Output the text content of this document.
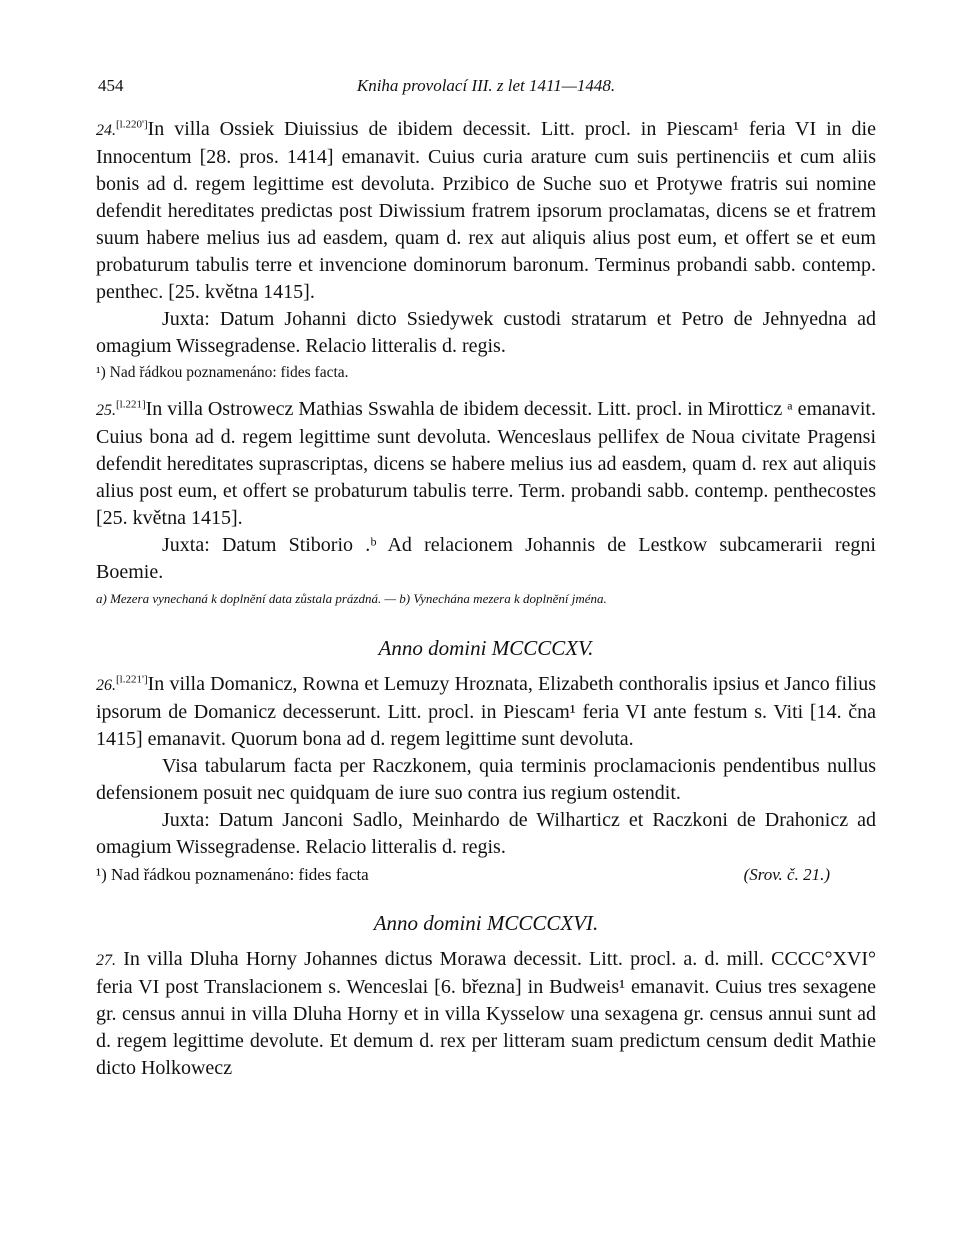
454	Kniha provolací III. z let 1411—1448.

24.[l.220']In villa Ossiek Diuissius de ibidem decessit. Litt. procl. in Piescam¹ feria VI in die Innocentum [28. pros. 1414] emanavit. Cuius curia arature cum suis pertinenciis et cum aliis bonis ad d. regem legittime est devoluta. Przibico de Suche suo et Protywe fratris sui nomine defendit hereditates predictas post Diwissium fratrem ipsorum proclamatas, dicens se et fratrem suum habere melius ius ad easdem, quam d. rex aut aliquis alius post eum, et offert se et eum probaturum tabulis terre et invencione dominorum baronum. Terminus probandi sabb. contemp. penthec. [25. května 1415].

Juxta: Datum Johanni dicto Ssiedywek custodi stratarum et Petro de Jehnyedna ad omagium Wissegradense. Relacio litteralis d. regis.

¹) Nad řádkou poznamenáno: fides facta.

25.[l.221]In villa Ostrowecz Mathias Sswahla de ibidem decessit. Litt. procl. in Mirotticz ᵃ emanavit. Cuius bona ad d. regem legittime sunt devoluta. Wenceslaus pellifex de Noua civitate Pragensi defendit hereditates suprascriptas, dicens se habere melius ius ad easdem, quam d. rex aut aliquis alius post eum, et offert se probaturum tabulis terre. Term. probandi sabb. contemp. penthecostes [25. května 1415].

Juxta: Datum Stiborio .ᵇ Ad relacionem Johannis de Lestkow subcamerarii regni Boemie.

a) Mezera vynechaná k doplnění data zůstala prázdná. — b) Vynechána mezera k doplnění jména.

Anno domini MCCCCXV.

26.[l.221']In villa Domanicz, Rowna et Lemuzy Hroznata, Elizabeth conthoralis ipsius et Janco filius ipsorum de Domanicz decesserunt. Litt. procl. in Piescam¹ feria VI ante festum s. Viti [14. čna 1415] emanavit. Quorum bona ad d. regem legittime sunt devoluta.

Visa tabularum facta per Raczkonem, quia terminis proclamacionis pendentibus nullus defensionem posuit nec quidquam de iure suo contra ius regium ostendit.

Juxta: Datum Janconi Sadlo, Meinhardo de Wilharticz et Raczkoni de Drahonicz ad omagium Wissegradense. Relacio litteralis d. regis.

¹) Nad řádkou poznamenáno: fides facta	(Srov. č. 21.)
Anno domini MCCCCXVI.

27. In villa Dluha Horny Johannes dictus Morawa decessit. Litt. procl. a. d. mill. CCCC°XVI° feria VI post Translacionem s. Wenceslai [6. března] in Budweis¹ emanavit. Cuius tres sexagene gr. census annui in villa Dluha Horny et in villa Kysselow una sexagena gr. census annui sunt ad d. regem legittime devolute. Et demum d. rex per litteram suam predictum censum dedit Mathie dicto Holkowecz
